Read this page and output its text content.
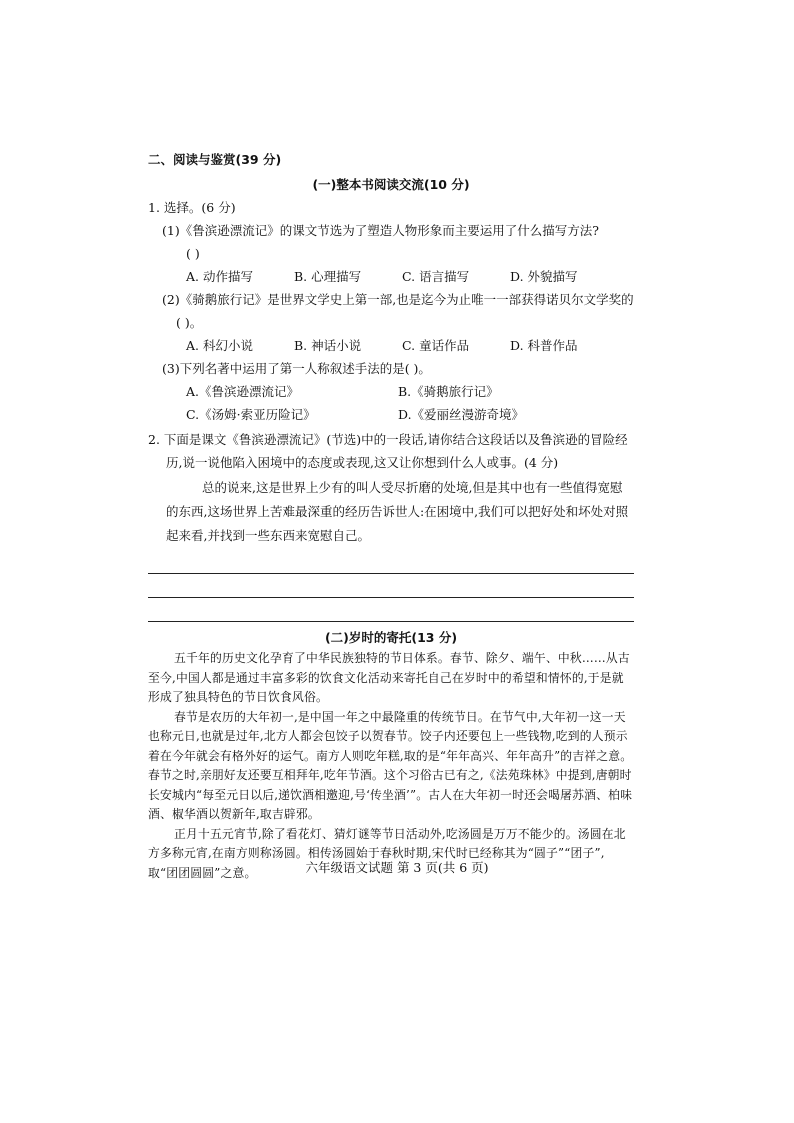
二、阅读与鉴赏(39 分)
(一)整本书阅读交流(10 分)

1. 选择。(6 分)

(1)《鲁滨逊漂流记》的课文节选为了塑造人物形象而主要运用了什么描写方法?

( )

A. 动作描写	B. 心理描写	C. 语言描写	D. 外貌描写

(2)《骑鹅旅行记》是世界文学史上第一部,也是迄今为止唯一一部获得诺贝尔文学奖的( )。

A. 科幻小说	B. 神话小说	C. 童话作品	D. 科普作品

(3)下列名著中运用了第一人称叙述手法的是( )。

A.《鲁滨逊漂流记》	B.《骑鹅旅行记》
C.《汤姆·索亚历险记》	D.《爱丽丝漫游奇境》

2. 下面是课文《鲁滨逊漂流记》(节选)中的一段话,请你结合这段话以及鲁滨逊的冒险经历,说一说他陷入困境中的态度或表现,这又让你想到什么人或事。(4 分)

总的说来,这是世界上少有的叫人受尽折磨的处境,但是其中也有一些值得宽慰的东西,这场世界上苦难最深重的经历告诉世人:在困境中,我们可以把好处和坏处对照起来看,并找到一些东西来宽慰自己。

(二)岁时的寄托(13 分)

五千年的历史文化孕育了中华民族独特的节日体系。春节、除夕、端午、中秋……从古至今,中国人都是通过丰富多彩的饮食文化活动来寄托自己在岁时中的希望和情怀的,于是就形成了独具特色的节日饮食风俗。

春节是农历的大年初一,是中国一年之中最隆重的传统节日。在节气中,大年初一这一天也称元日,也就是过年,北方人都会包饺子以贺春节。饺子内还要包上一些钱物,吃到的人预示着在今年就会有格外好的运气。南方人则吃年糕,取的是“年年高兴、年年高升”的吉祥之意。春节之时,亲朋好友还要互相拜年,吃年节酒。这个习俗古已有之,《法苑珠林》中提到,唐朝时长安城内“每至元日以后,递饮酒相邀迎,号‘传坐酒’”。古人在大年初一时还会喝屠苏酒、柏味酒、椒华酒以贺新年,取吉辟邪。

正月十五元宵节,除了看花灯、猜灯谜等节日活动外,吃汤圆是万万不能少的。汤圆在北方多称元宵,在南方则称汤圆。相传汤圆始于春秋时期,宋代时已经称其为“圆子”“团子”,取“团团圆圆”之意。	六年级语文试题 第 3 页(共 6 页)
